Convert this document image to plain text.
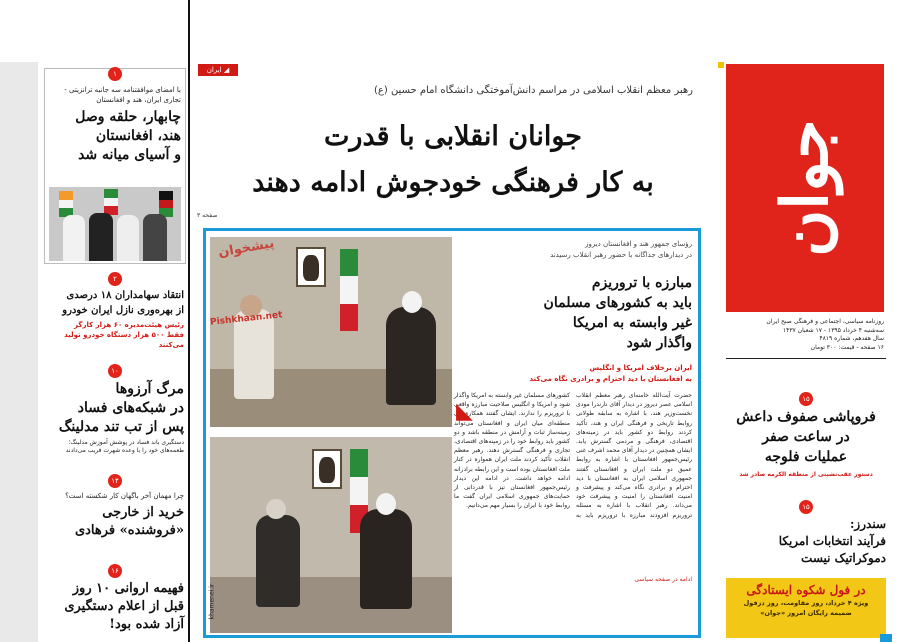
۱
با امضای موافقتنامه سه جانبه ترانزیتی - تجاری ایران، هند و افغانستان
چابهار، حلقه وصل
هند، افغانستان
و آسیای میانه شد
۲
انتقاد سهامداران ۱۸ درصدی
از بهره‌وری نازل ایران خودرو
رئیس هیئت‌مدیره ۶۰ هزار کارگر
فقط ۵۰۰ هزار دستگاه خودرو تولید می‌کنند
۱۰
مرگ آرزوها
در شبکه‌های فساد
پس از تب تند مدلینگ
دستگیری باند فساد در پوشش آموزش مدلینگ؛ طعمه‌های خود را با وعده شهرت فریب می‌دادند
۱۴
چرا مهمان آخر باگهان کار شکسته است؟
خرید از خارجی
«فروشنده» فرهادی
۱۶
فهیمه اروانی ۱۰ روز
قبل از اعلام دستگیری
آزاد شده بود!
ایران ◢
رهبر معظم انقلاب اسلامی در مراسم دانش‌آموختگی دانشگاه امام حسین (ع)
جوانان انقلابی با قدرت
به کار فرهنگی خودجوش ادامه دهند
صفحه ۳
پیشخوان
Pishkhaan.net
khamenei.ir
رؤسای جمهور هند و افغانستان دیروز
در دیدارهای جداگانه با حضور رهبر انقلاب رسیدند
مبارزه با تروریزم
باید به کشورهای مسلمان
غیر وابسته به امریکا
واگذار شود
ایران برخلاف امریکا و انگلیس
به افغانستان با دید احترام و برادری نگاه می‌کند
◣
حضرت آیت‌الله خامنه‌ای رهبر معظم انقلاب اسلامی عصر دیروز در دیدار آقای نارندرا مودی نخست‌وزیر هند، با اشاره به سابقه طولانی روابط تاریخی و فرهنگی ایران و هند، تأکید کردند روابط دو کشور باید در زمینه‌های اقتصادی، فرهنگی و مردمی گسترش یابد. ایشان همچنین در دیدار آقای محمد اشرف غنی رئیس‌جمهور افغانستان با اشاره به روابط عمیق دو ملت ایران و افغانستان گفتند جمهوری اسلامی ایران به افغانستان با دید احترام و برادری نگاه می‌کند و پیشرفت و امنیت افغانستان را امنیت و پیشرفت خود می‌داند. رهبر انقلاب با اشاره به مسئله تروریزم افزودند مبارزه با تروریزم باید به کشورهای مسلمان غیر وابسته به امریکا واگذار شود و امریکا و انگلیس صلاحیت مبارزه واقعی با تروریزم را ندارند. ایشان گفتند همکاری‌های منطقه‌ای میان ایران و افغانستان می‌تواند زمینه‌ساز ثبات و آرامش در منطقه باشد و دو کشور باید روابط خود را در زمینه‌های اقتصادی، تجاری و فرهنگی گسترش دهند. رهبر معظم انقلاب تأکید کردند ملت ایران همواره در کنار ملت افغانستان بوده است و این رابطه برادرانه ادامه خواهد داشت. در ادامه این دیدار رئیس‌جمهور افغانستان نیز با قدردانی از حمایت‌های جمهوری اسلامی ایران گفت ما روابط خود با ایران را بسیار مهم می‌دانیم.
ادامه در صفحه سیاسی
جوان
روزنامه سیاسی، اجتماعی و فرهنگی صبح ایران
سه‌شنبه ۴ خرداد ۱۳۹۵ - ۱۷ شعبان ۱۴۳۷
سال هفدهم، شماره ۴۸۱۹
۱۶ صفحه - قیمت: ۳۰۰ تومان
۱۵
فروپاشی صفوف داعش
در ساعت صفر
عملیات فلوجه
دستور عقب‌نشینی از منطقه الکرمه صادر شد
۱۵
سندرز:
فرآیند انتخابات امریکا
دموکراتیک نیست
در فول شکوه ایستادگی
ویژه ۴ خرداد، روز مقاومت، روز دزفول
ضمیمه رایگان امروز «جوان»
